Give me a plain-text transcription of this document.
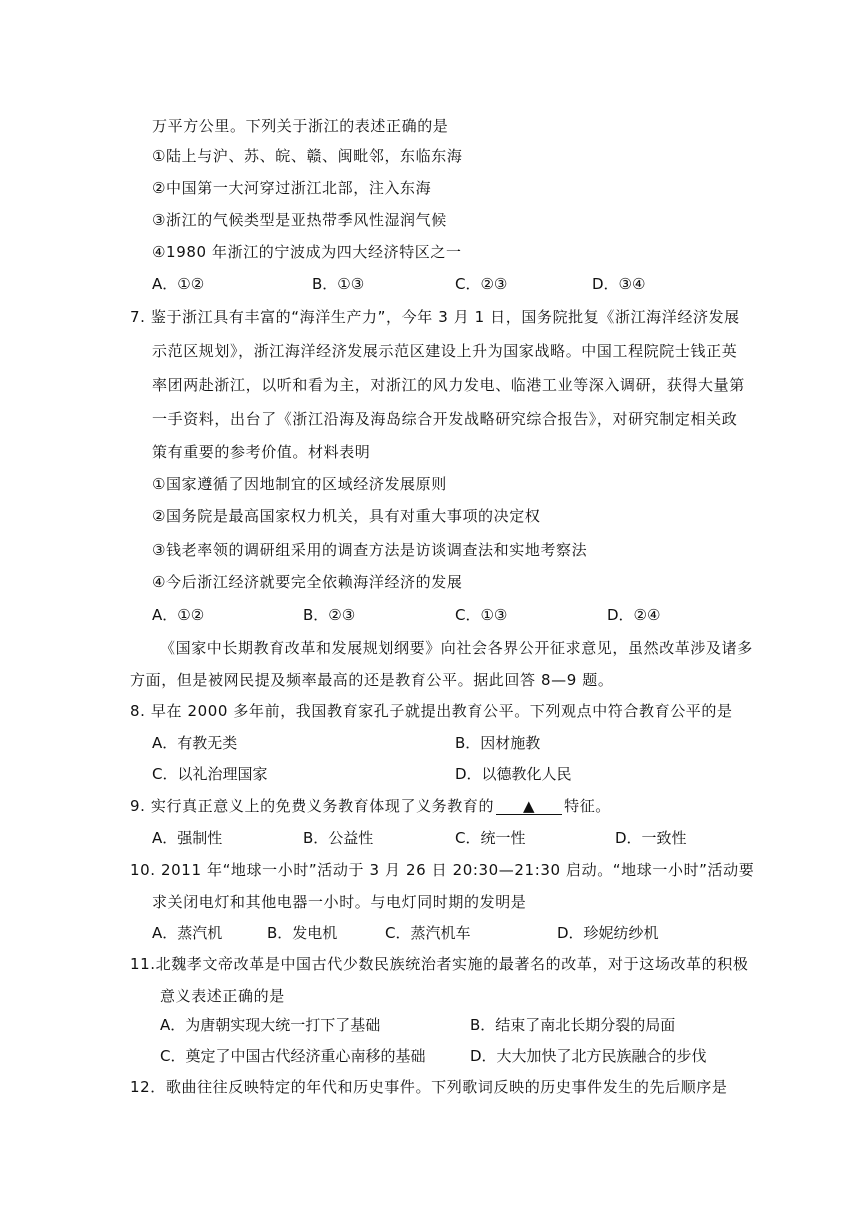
万平方公里。下列关于浙江的表述正确的是
①陆上与沪、苏、皖、赣、闽毗邻，东临东海
②中国第一大河穿过浙江北部，注入东海
③浙江的气候类型是亚热带季风性湿润气候
④1980 年浙江的宁波成为四大经济特区之一
A．①②	B．①③	C．②③	D．③④
7. 鉴于浙江具有丰富的“海洋生产力”，今年 3 月 1 日，国务院批复《浙江海洋经济发展
示范区规划》，浙江海洋经济发展示范区建设上升为国家战略。中国工程院院士钱正英
率团两赴浙江，以听和看为主，对浙江的风力发电、临港工业等深入调研，获得大量第
一手资料，出台了《浙江沿海及海岛综合开发战略研究综合报告》，对研究制定相关政
策有重要的参考价值。材料表明
①国家遵循了因地制宜的区域经济发展原则
②国务院是最高国家权力机关，具有对重大事项的决定权
③钱老率领的调研组采用的调查方法是访谈调查法和实地考察法
④今后浙江经济就要完全依赖海洋经济的发展
A．①②	B．②③	C．①③	D．②④
《国家中长期教育改革和发展规划纲要》向社会各界公开征求意见，虽然改革涉及诸多
方面，但是被网民提及频率最高的还是教育公平。据此回答 8—9 题。
8. 早在 2000 多年前，我国教育家孔子就提出教育公平。下列观点中符合教育公平的是
A．有教无类	B．因材施教
C．以礼治理国家	D．以德教化人民
9. 实行真正意义上的免费义务教育体现了义务教育的 ▲ 特征。
A．强制性	B．公益性	C．统一性	D．一致性
10. 2011 年“地球一小时”活动于 3 月 26 日 20:30—21:30 启动。“地球一小时”活动要
求关闭电灯和其他电器一小时。与电灯同时期的发明是
A．蒸汽机	B．发电机	C．蒸汽机车	D．珍妮纺纱机
11.北魏孝文帝改革是中国古代少数民族统治者实施的最著名的改革，对于这场改革的积极
意义表述正确的是
A．为唐朝实现大统一打下了基础	B．结束了南北长期分裂的局面
C．奠定了中国古代经济重心南移的基础	D．大大加快了北方民族融合的步伐
12．歌曲往往反映特定的年代和历史事件。下列歌词反映的历史事件发生的先后顺序是
